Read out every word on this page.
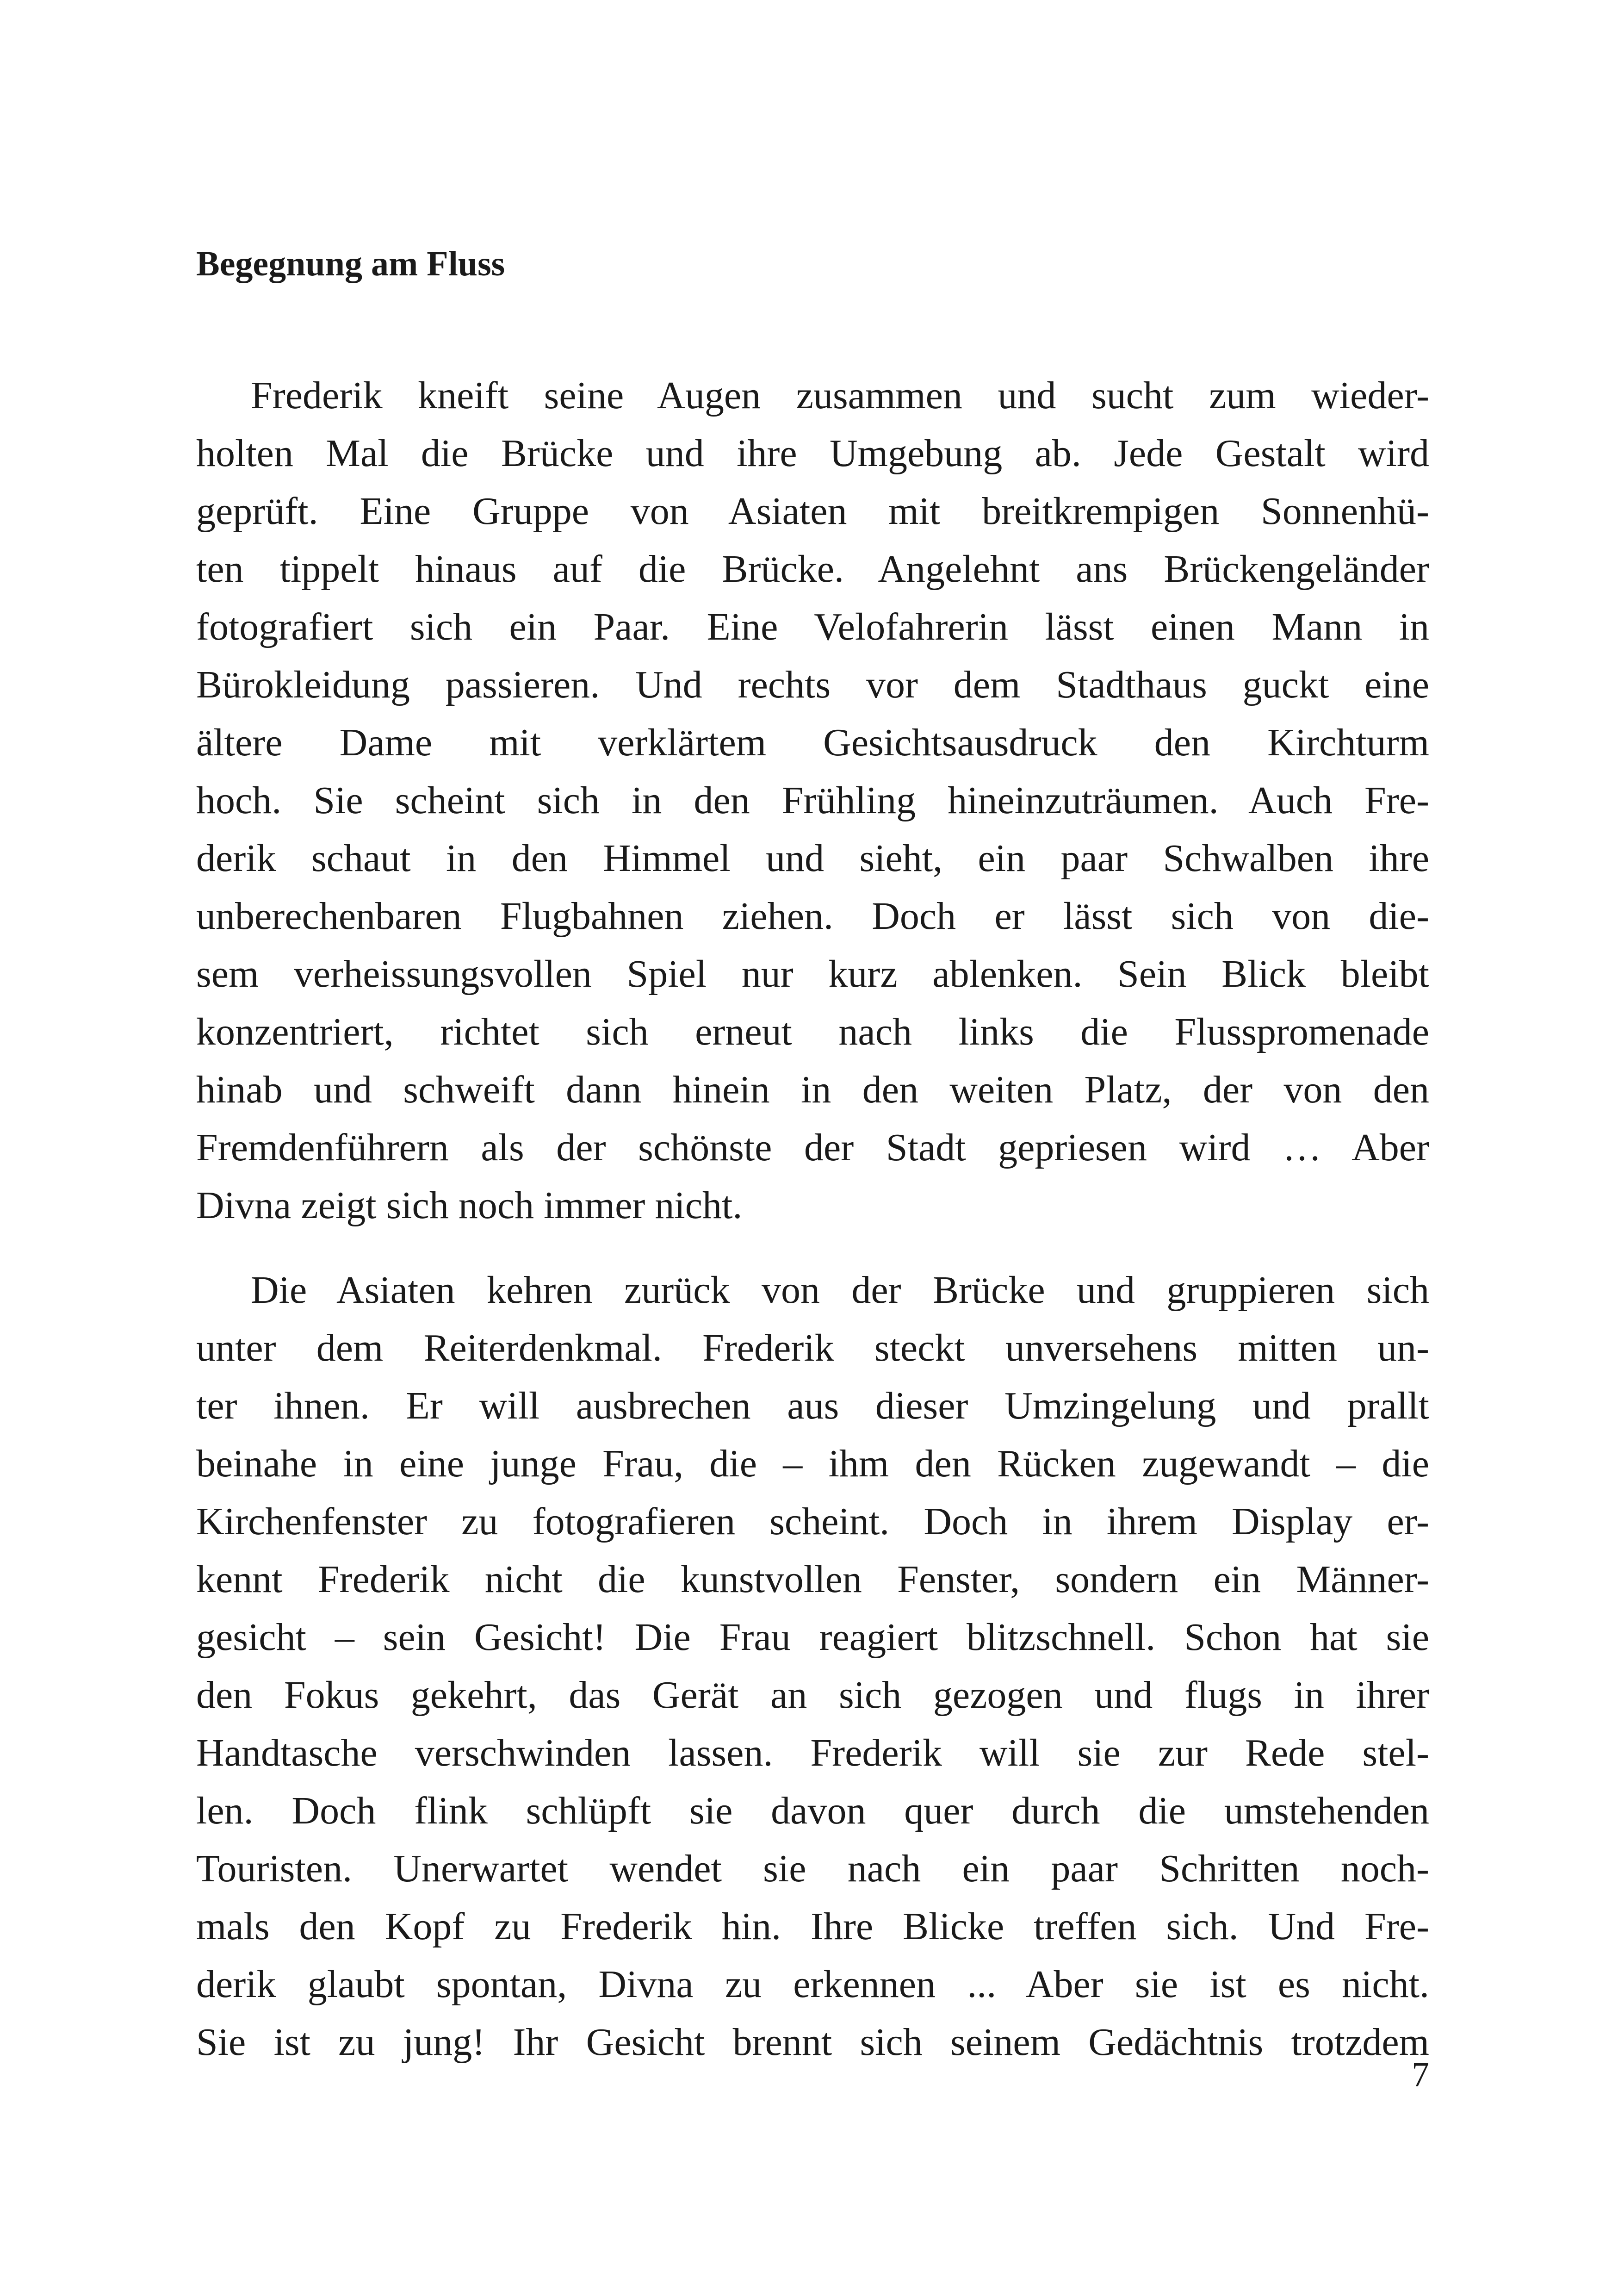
Begegnung am Fluss
Frederik kneift seine Augen zusammen und sucht zum wieder-
holten Mal die Brücke und ihre Umgebung ab. Jede Gestalt wird
geprüft. Eine Gruppe von Asiaten mit breitkrempigen Sonnenhü-
ten tippelt hinaus auf die Brücke. Angelehnt ans Brückengeländer
fotografiert sich ein Paar. Eine Velofahrerin lässt einen Mann in
Bürokleidung passieren. Und rechts vor dem Stadthaus guckt eine
ältere Dame mit verklärtem Gesichtsausdruck den Kirchturm
hoch. Sie scheint sich in den Frühling hineinzuträumen. Auch Fre-
derik schaut in den Himmel und sieht, ein paar Schwalben ihre
unberechenbaren Flugbahnen ziehen. Doch er lässt sich von die-
sem verheissungsvollen Spiel nur kurz ablenken. Sein Blick bleibt
konzentriert, richtet sich erneut nach links die Flusspromenade
hinab und schweift dann hinein in den weiten Platz, der von den
Fremdenführern als der schönste der Stadt gepriesen wird … Aber
Divna zeigt sich noch immer nicht.
Die Asiaten kehren zurück von der Brücke und gruppieren sich
unter dem Reiterdenkmal. Frederik steckt unversehens mitten un-
ter ihnen. Er will ausbrechen aus dieser Umzingelung und prallt
beinahe in eine junge Frau, die – ihm den Rücken zugewandt – die
Kirchenfenster zu fotografieren scheint. Doch in ihrem Display er-
kennt Frederik nicht die kunstvollen Fenster, sondern ein Männer-
gesicht – sein Gesicht! Die Frau reagiert blitzschnell. Schon hat sie
den Fokus gekehrt, das Gerät an sich gezogen und flugs in ihrer
Handtasche verschwinden lassen. Frederik will sie zur Rede stel-
len. Doch flink schlüpft sie davon quer durch die umstehenden
Touristen. Unerwartet wendet sie nach ein paar Schritten noch-
mals den Kopf zu Frederik hin. Ihre Blicke treffen sich. Und Fre-
derik glaubt spontan, Divna zu erkennen ... Aber sie ist es nicht.
Sie ist zu jung! Ihr Gesicht brennt sich seinem Gedächtnis trotzdem
7
